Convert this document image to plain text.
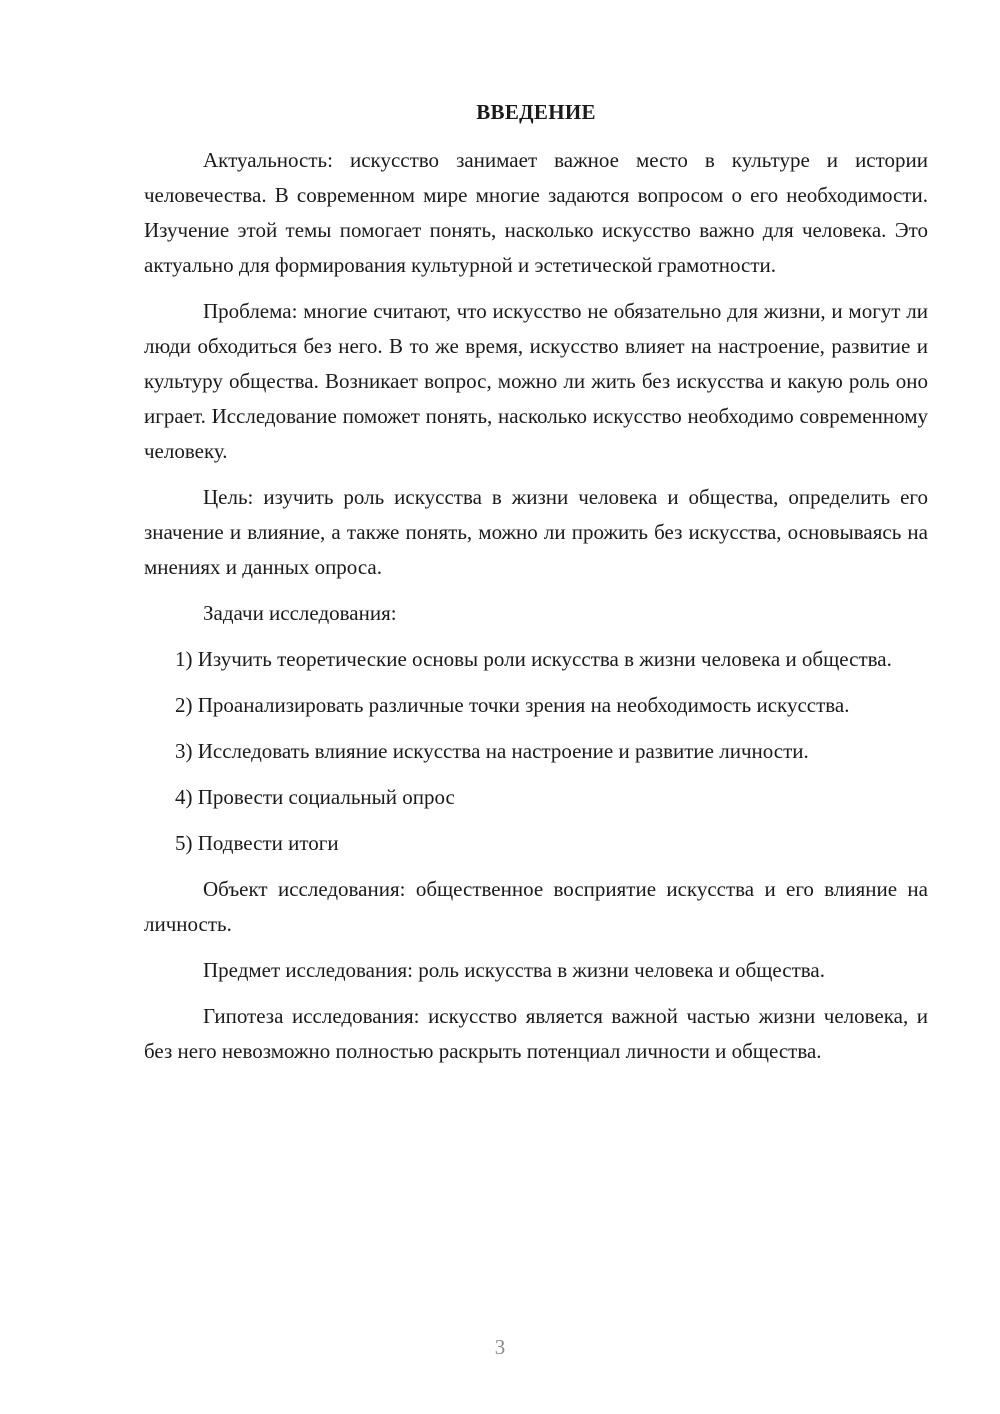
ВВЕДЕНИЕ

Актуальность: искусство занимает важное место в культуре и истории человечества. В современном мире многие задаются вопросом о его необходимости. Изучение этой темы помогает понять, насколько искусство важно для человека. Это актуально для формирования культурной и эстетической грамотности.

Проблема: многие считают, что искусство не обязательно для жизни, и могут ли люди обходиться без него. В то же время, искусство влияет на настроение, развитие и культуру общества. Возникает вопрос, можно ли жить без искусства и какую роль оно играет. Исследование поможет понять, насколько искусство необходимо современному человеку.

Цель: изучить роль искусства в жизни человека и общества, определить его значение и влияние, а также понять, можно ли прожить без искусства, основываясь на мнениях и данных опроса.

Задачи исследования:

1) Изучить теоретические основы роли искусства в жизни человека и общества.

2) Проанализировать различные точки зрения на необходимость искусства.

3) Исследовать влияние искусства на настроение и развитие личности.

4) Провести социальный опрос

5) Подвести итоги

Объект исследования: общественное восприятие искусства и его влияние на личность.

Предмет исследования: роль искусства в жизни человека и общества.

Гипотеза исследования: искусство является важной частью жизни человека, и без него невозможно полностью раскрыть потенциал личности и общества.

3
